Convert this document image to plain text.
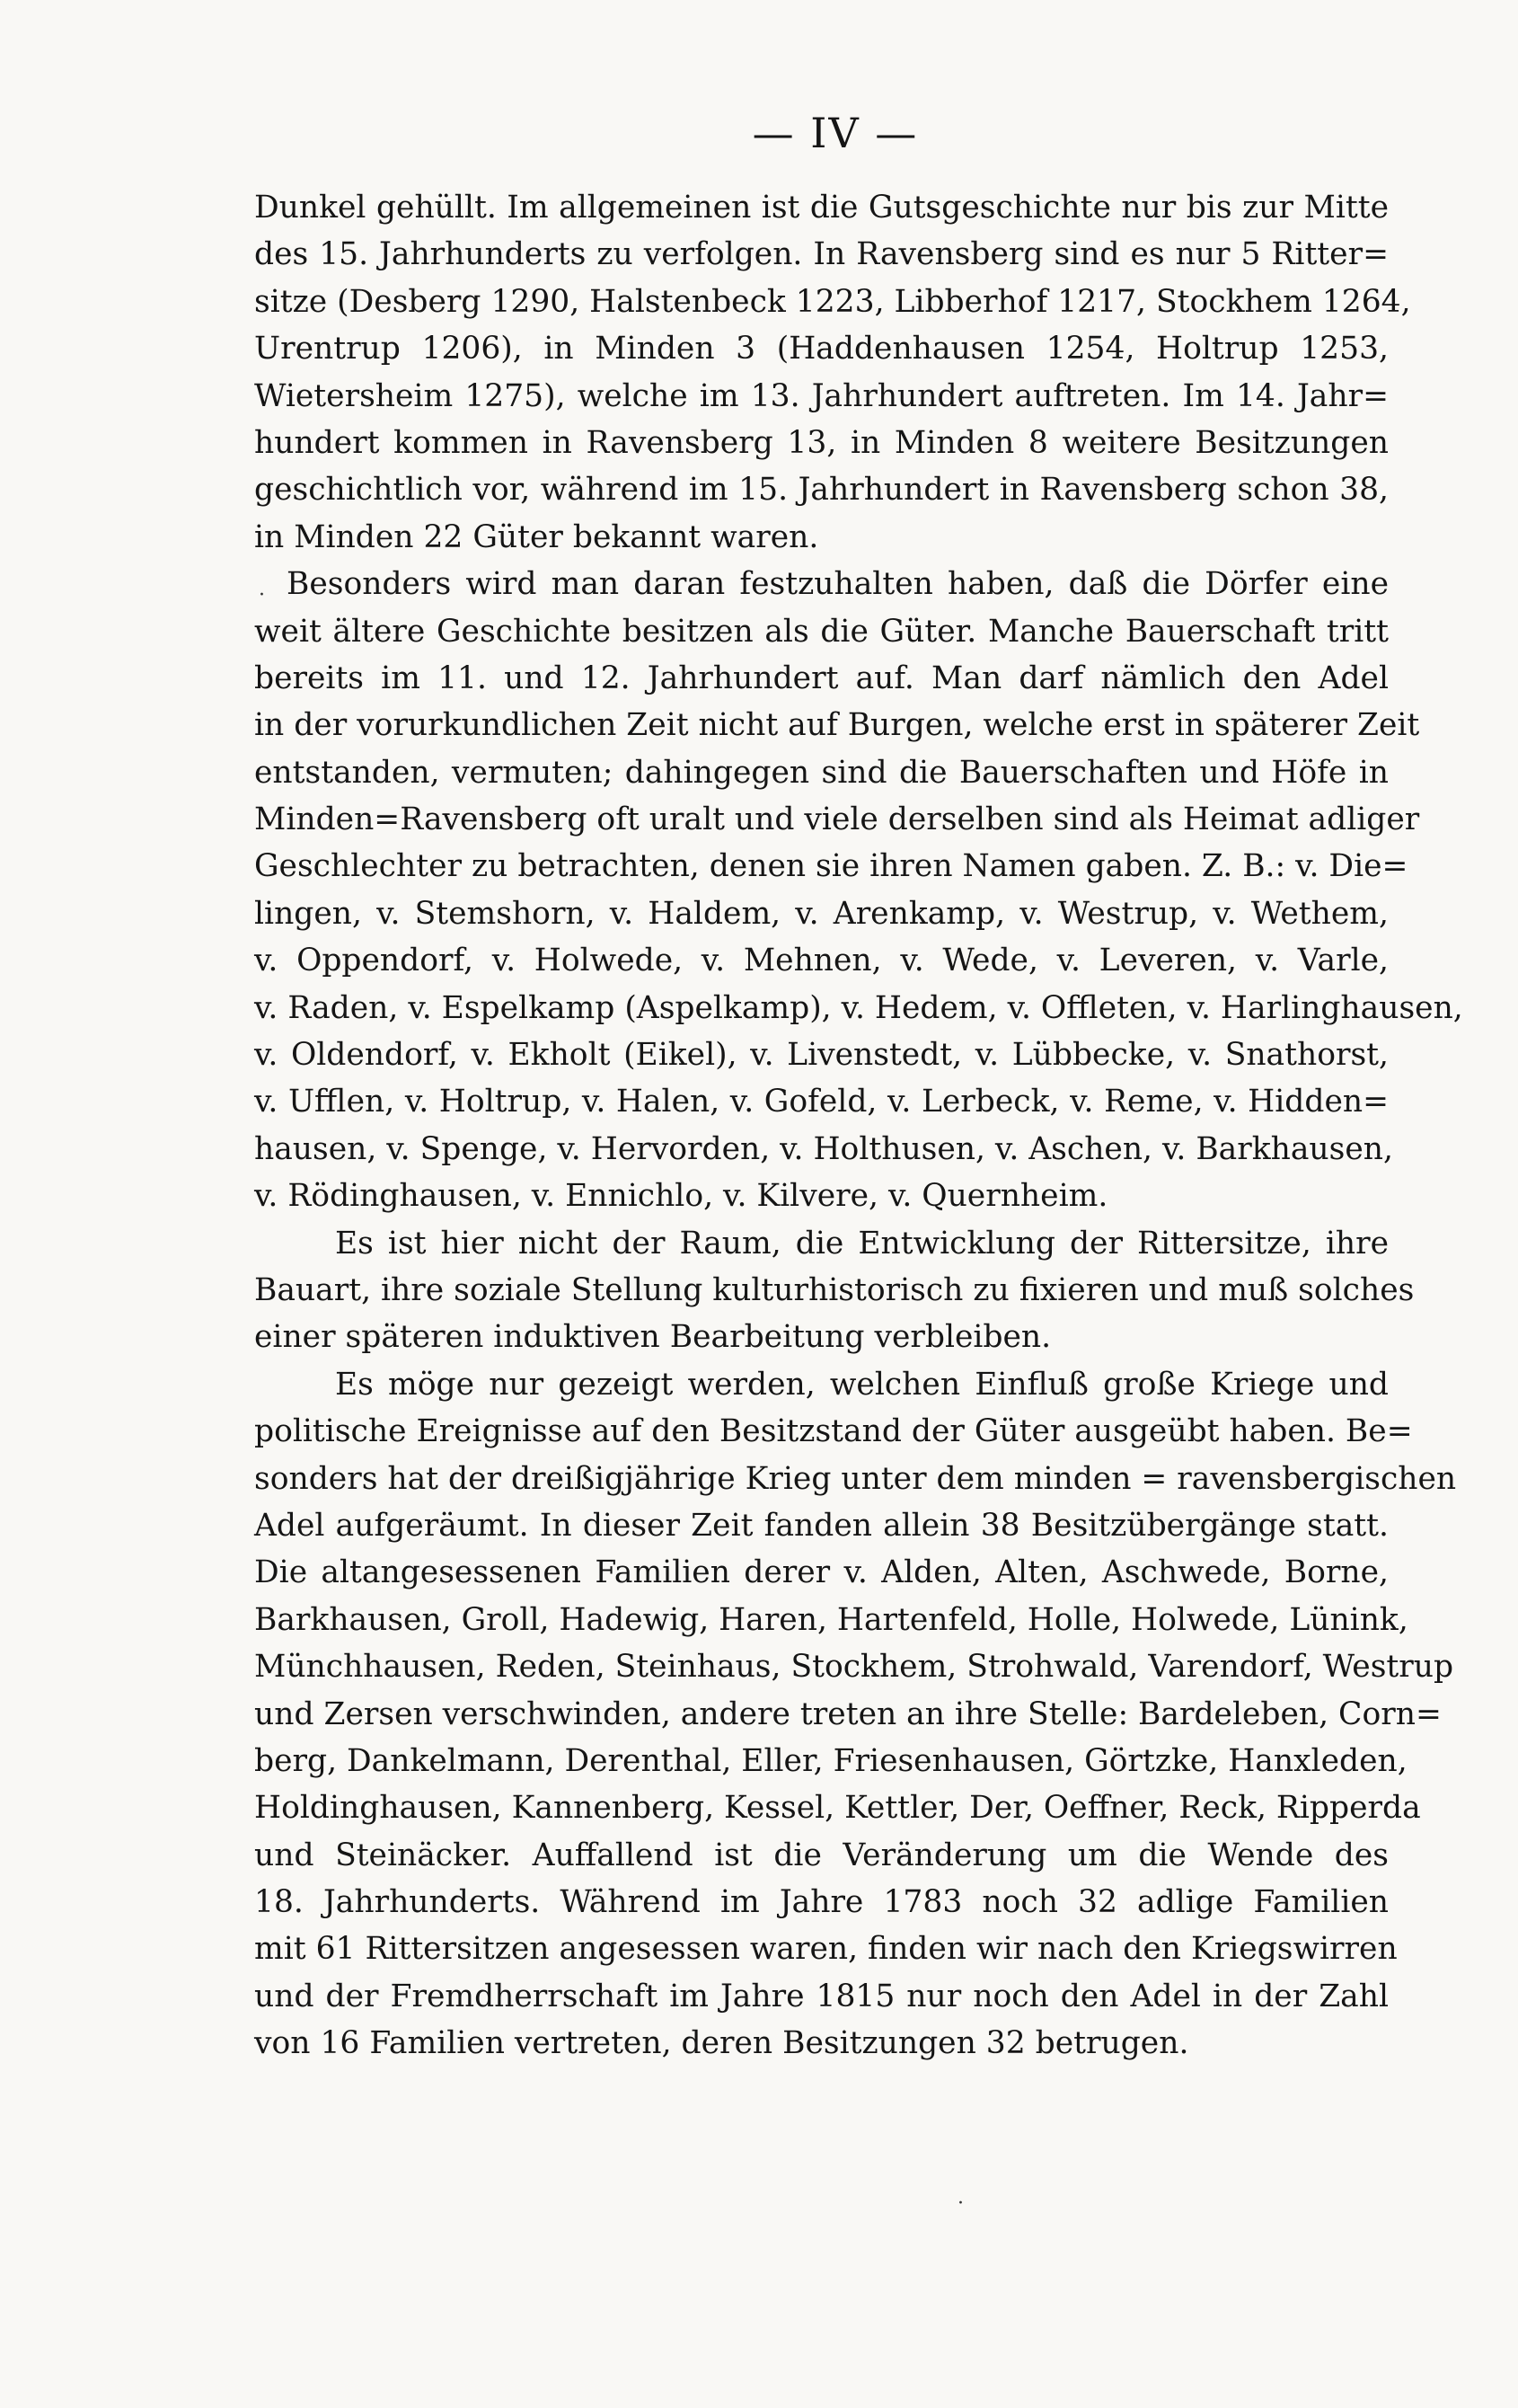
— IV —
·
·
Dunkel gehüllt. Im allgemeinen ist die Gutsgeschichte nur bis zur Mitte
des 15. Jahrhunderts zu verfolgen. In Ravensberg sind es nur 5 Ritter=
sitze (Desberg 1290, Halstenbeck 1223, Libberhof 1217, Stockhem 1264,
Urentrup 1206), in Minden 3 (Haddenhausen 1254, Holtrup 1253,
Wietersheim 1275), welche im 13. Jahrhundert auftreten. Im 14. Jahr=
hundert kommen in Ravensberg 13, in Minden 8 weitere Besitzungen
geschichtlich vor, während im 15. Jahrhundert in Ravensberg schon 38,
in Minden 22 Güter bekannt waren.
Besonders wird man daran festzuhalten haben, daß die Dörfer eine
weit ältere Geschichte besitzen als die Güter. Manche Bauerschaft tritt
bereits im 11. und 12. Jahrhundert auf. Man darf nämlich den Adel
in der vorurkundlichen Zeit nicht auf Burgen, welche erst in späterer Zeit
entstanden, vermuten; dahingegen sind die Bauerschaften und Höfe in
Minden=Ravensberg oft uralt und viele derselben sind als Heimat adliger
Geschlechter zu betrachten, denen sie ihren Namen gaben. Z. B.: v. Die=
lingen, v. Stemshorn, v. Haldem, v. Arenkamp, v. Westrup, v. Wethem,
v. Oppendorf, v. Holwede, v. Mehnen, v. Wede, v. Leveren, v. Varle,
v. Raden, v. Espelkamp (Aspelkamp), v. Hedem, v. Offleten, v. Harlinghausen,
v. Oldendorf, v. Ekholt (Eikel), v. Livenstedt, v. Lübbecke, v. Snathorst,
v. Ufflen, v. Holtrup, v. Halen, v. Gofeld, v. Lerbeck, v. Reme, v. Hidden=
hausen, v. Spenge, v. Hervorden, v. Holthusen, v. Aschen, v. Barkhausen,
v. Rödinghausen, v. Ennichlo, v. Kilvere, v. Quernheim.
Es ist hier nicht der Raum, die Entwicklung der Rittersitze, ihre
Bauart, ihre soziale Stellung kulturhistorisch zu fixieren und muß solches
einer späteren induktiven Bearbeitung verbleiben.
Es möge nur gezeigt werden, welchen Einfluß große Kriege und
politische Ereignisse auf den Besitzstand der Güter ausgeübt haben. Be=
sonders hat der dreißigjährige Krieg unter dem minden = ravensbergischen
Adel aufgeräumt. In dieser Zeit fanden allein 38 Besitzübergänge statt.
Die altangesessenen Familien derer v. Alden, Alten, Aschwede, Borne,
Barkhausen, Groll, Hadewig, Haren, Hartenfeld, Holle, Holwede, Lünink,
Münchhausen, Reden, Steinhaus, Stockhem, Strohwald, Varendorf, Westrup
und Zersen verschwinden, andere treten an ihre Stelle: Bardeleben, Corn=
berg, Dankelmann, Derenthal, Eller, Friesenhausen, Görtzke, Hanxleden,
Holdinghausen, Kannenberg, Kessel, Kettler, Der, Oeffner, Reck, Ripperda
und Steinäcker. Auffallend ist die Veränderung um die Wende des
18. Jahrhunderts. Während im Jahre 1783 noch 32 adlige Familien
mit 61 Rittersitzen angesessen waren, finden wir nach den Kriegswirren
und der Fremdherrschaft im Jahre 1815 nur noch den Adel in der Zahl
von 16 Familien vertreten, deren Besitzungen 32 betrugen.
